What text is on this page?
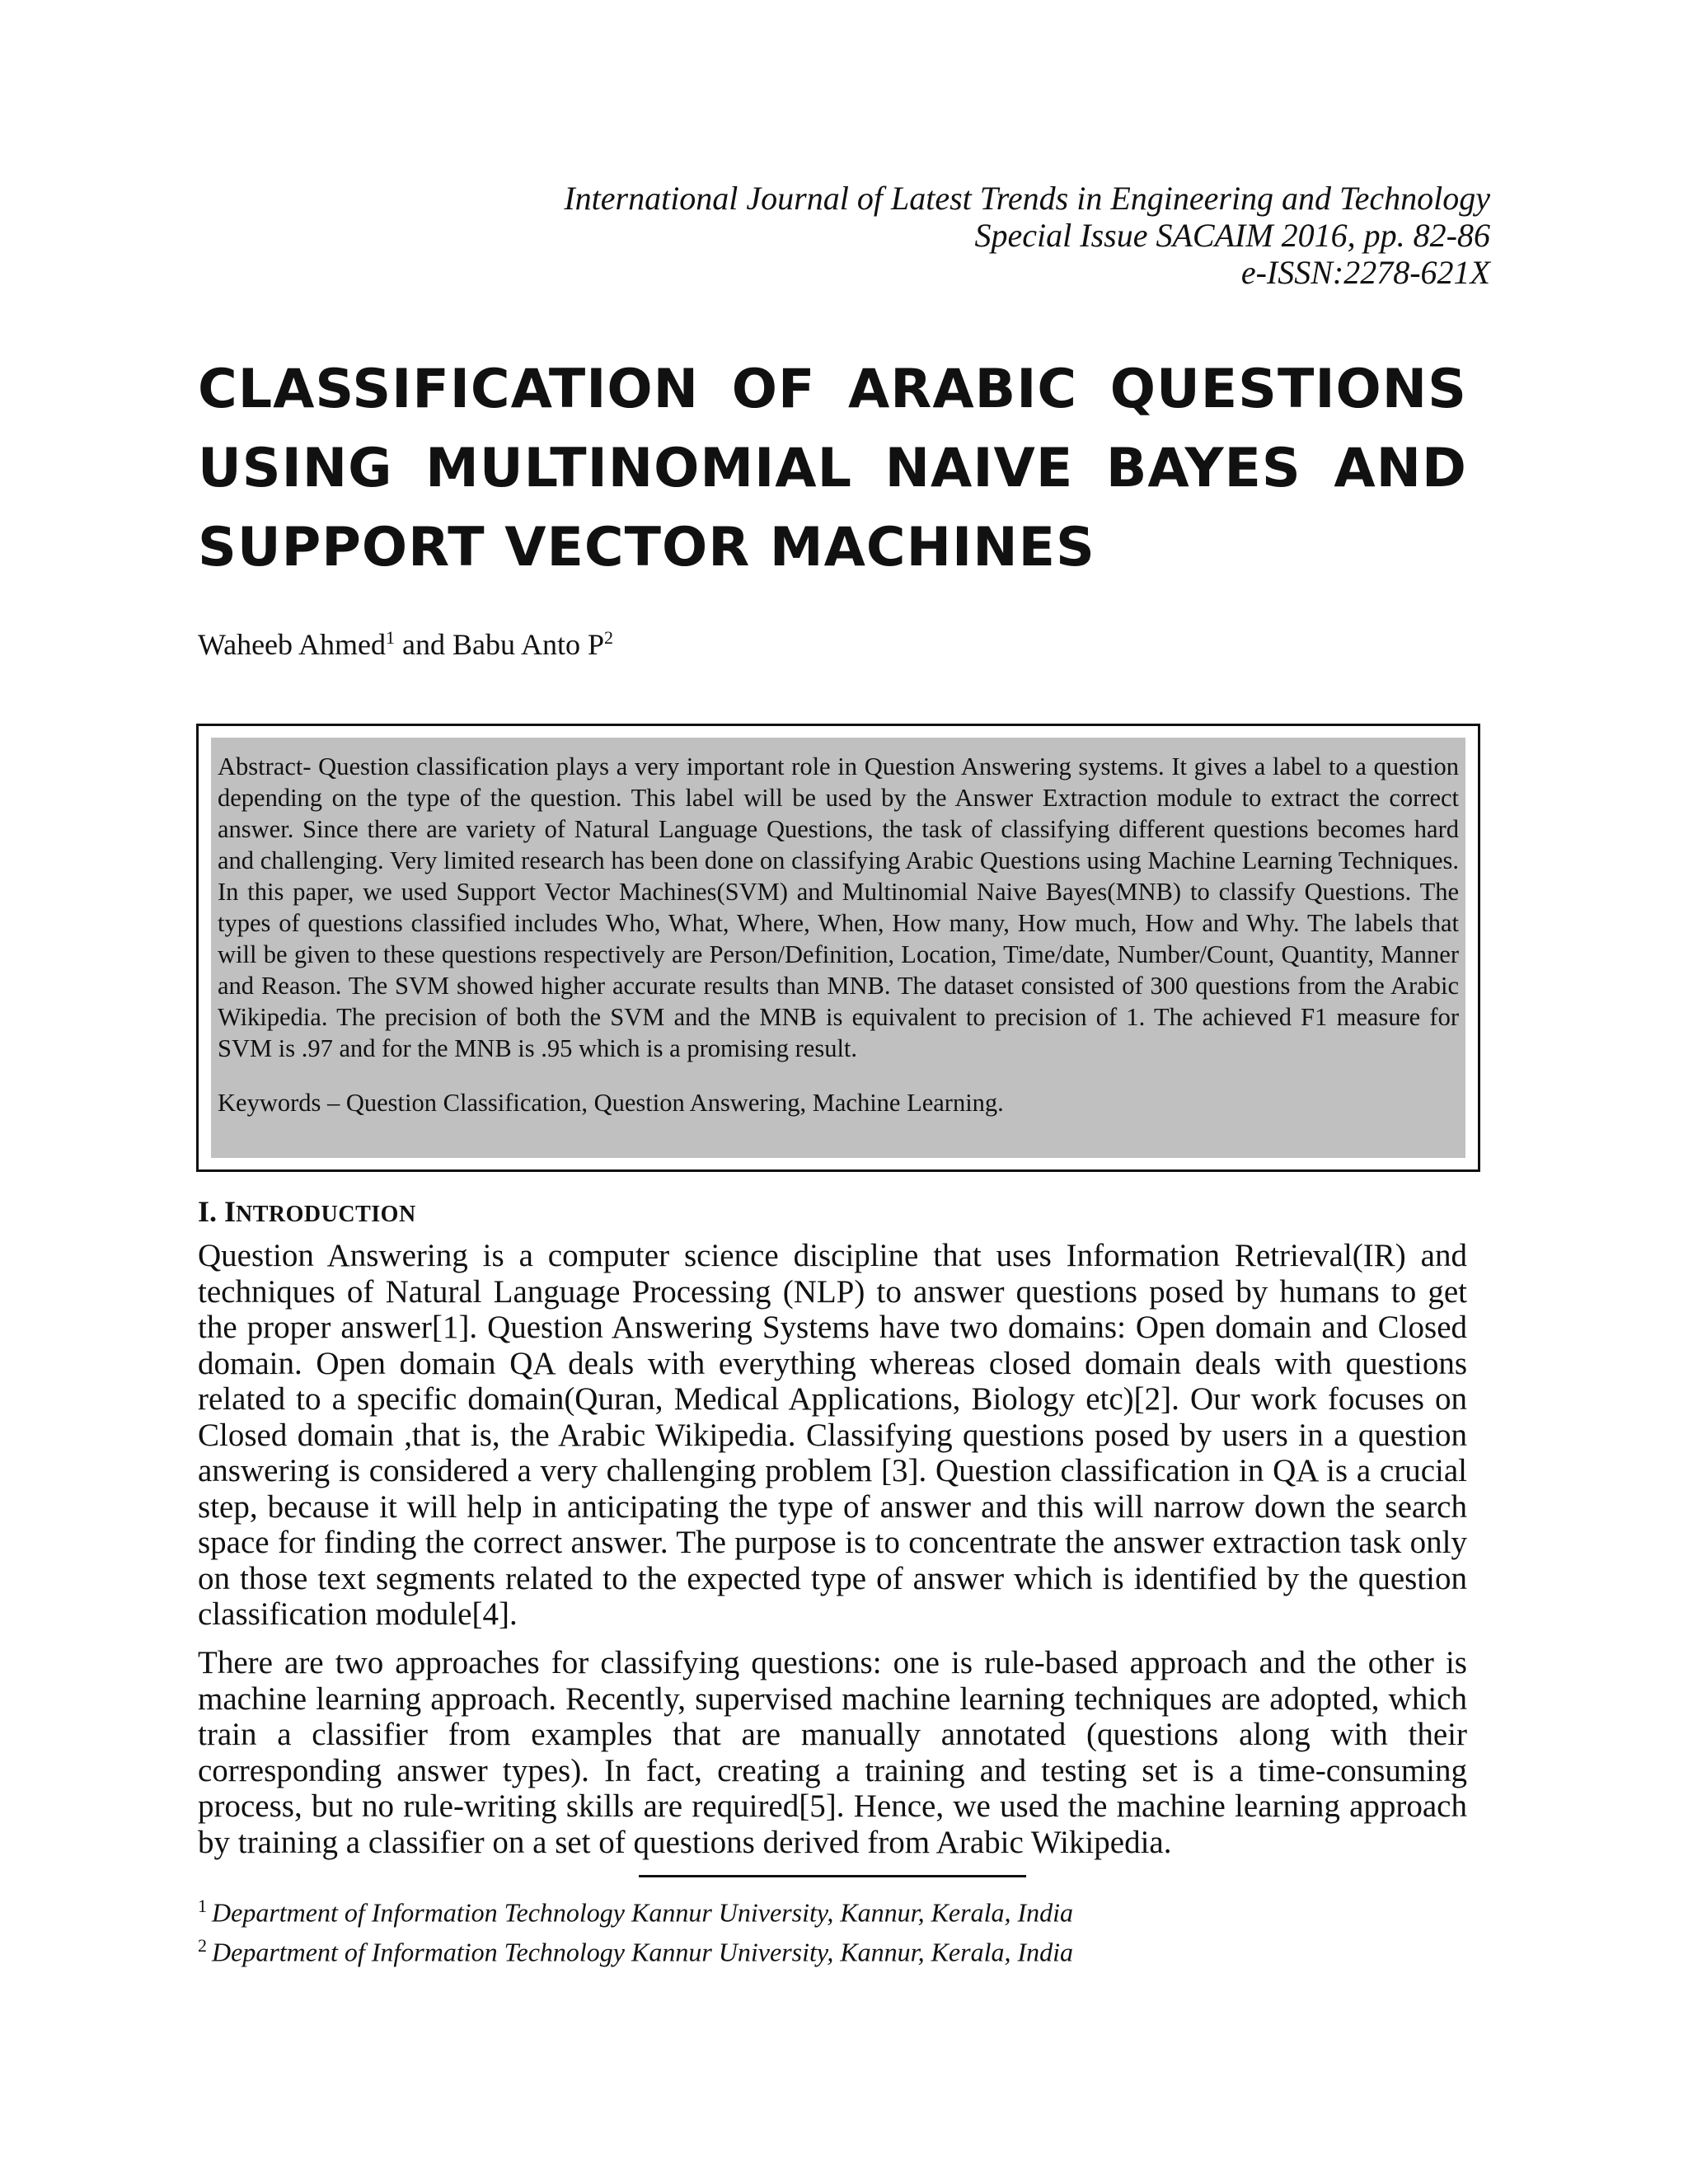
International Journal of Latest Trends in Engineering and Technology
Special Issue SACAIM 2016, pp. 82-86
e-ISSN:2278-621X
CLASSIFICATION OF ARABIC QUESTIONS USING MULTINOMIAL NAIVE BAYES AND SUPPORT VECTOR MACHINES
Waheeb Ahmed$^1$ and Babu Anto $P^2$

Abstract- Question classification plays a very important role in Question Answering systems. It gives a label to a question depending on the type of the question. This label will be used by the Answer Extraction module to extract the correct answer. Since there are variety of Natural Language Questions, the task of classifying different questions becomes hard and challenging. Very limited research has been done on classifying Arabic Questions using Machine Learning Techniques. In this paper, we used Support Vector Machines(SVM) and Multinomial Naive Bayes(MNB) to classify Questions. The types of questions classified includes Who, What, Where, When, How many, How much, How and Why. The labels that will be given to these questions respectively are Person/Definition, Location, Time/date, Number/Count, Quantity, Manner and Reason. The SVM showed higher accurate results than MNB. The dataset consisted of 300 questions from the Arabic Wikipedia. The precision of both the SVM and the MNB is equivalent to precision of 1. The achieved F1 measure for SVM is .97 and for the MNB is .95 which is a promising result.

Keywords – Question Classification, Question Answering, Machine Learning.

I. INTRODUCTION

Question Answering is a computer science discipline that uses Information Retrieval(IR) and techniques of Natural Language Processing (NLP) to answer questions posed by humans to get the proper answer[1]. Question Answering Systems have two domains: Open domain and Closed domain. Open domain QA deals with everything whereas closed domain deals with questions related to a specific domain(Quran, Medical Applications, Biology etc)[2]. Our work focuses on Closed domain ,that is, the Arabic Wikipedia. Classifying questions posed by users in a question answering is considered a very challenging problem [3]. Question classification in QA is a crucial step, because it will help in anticipating the type of answer and this will narrow down the search space for finding the correct answer. The purpose is to concentrate the answer extraction task only on those text segments related to the expected type of answer which is identified by the question classification module[4].

There are two approaches for classifying questions: one is rule-based approach and the other is machine learning approach. Recently, supervised machine learning techniques are adopted, which train a classifier from examples that are manually annotated (questions along with their corresponding answer types). In fact, creating a training and testing set is a time-consuming process, but no rule-writing skills are required[5]. Hence, we used the machine learning approach by training a classifier on a set of questions derived from Arabic Wikipedia.

$^1$ Department of Information Technology Kannur University, Kannur, Kerala, India
$^2$ Department of Information Technology Kannur University, Kannur, Kerala, India
